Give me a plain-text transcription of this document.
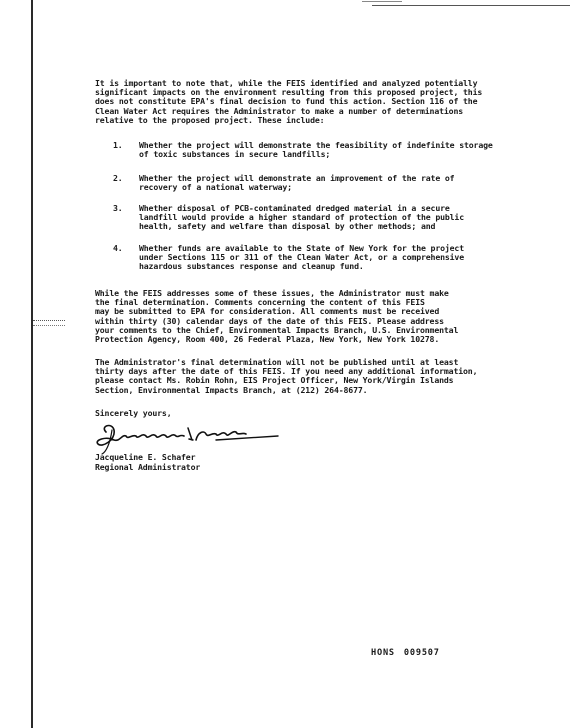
It is important to note that, while the FEIS identified and analyzed potentially
significant impacts on the environment resulting from this proposed project, this
does not constitute EPA's final decision to fund this action. Section 116 of the
Clean Water Act requires the Administrator to make a number of determinations
relative to the proposed project. These include:
1.	Whether the project will demonstrate the feasibility of indefinite storage
of toxic substances in secure landfills;
2.	Whether the project will demonstrate an improvement of the rate of
recovery of a national waterway;
3.	Whether disposal of PCB-contaminated dredged material in a secure
landfill would provide a higher standard of protection of the public
health, safety and welfare than disposal by other methods; and
4.	Whether funds are available to the State of New York for the project
under Sections 115 or 311 of the Clean Water Act, or a comprehensive
hazardous substances response and cleanup fund.
While the FEIS addresses some of these issues, the Administrator must make
the final determination. Comments concerning the content of this FEIS
may be submitted to EPA for consideration. All comments must be received
within thirty (30) calendar days of the date of this FEIS. Please address
your comments to the Chief, Environmental Impacts Branch, U.S. Environmental
Protection Agency, Room 400, 26 Federal Plaza, New York, New York 10278.
The Administrator's final determination will not be published until at least
thirty days after the date of this FEIS. If you need any additional information,
please contact Ms. Robin Rohn, EIS Project Officer, New York/Virgin Islands
Section, Environmental Impacts Branch, at (212) 264-8677.
Sincerely yours,
Jacqueline E. Schafer
Regional Administrator
HONS 009507
